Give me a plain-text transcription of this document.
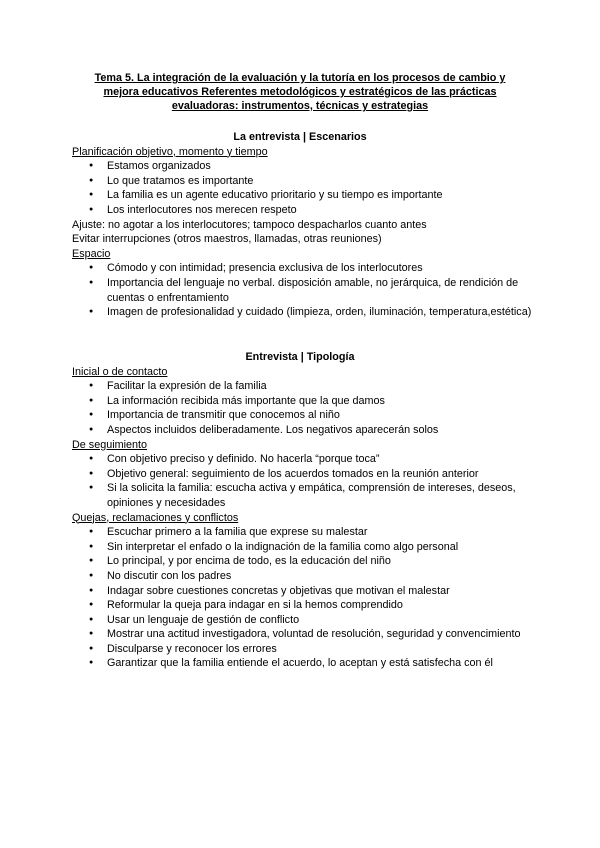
Tema 5. La integración de la evaluación y la tutoría en los procesos de cambio y
mejora educativos Referentes metodológicos y estratégicos de las prácticas
evaluadoras: instrumentos, técnicas y estrategias
La entrevista | Escenarios
Planificación objetivo, momento y tiempo
● Estamos organizados
● Lo que tratamos es importante
● La familia es un agente educativo prioritario y su tiempo es importante
● Los interlocutores nos merecen respeto
Ajuste: no agotar a los interlocutores; tampoco despacharlos cuanto antes
Evitar interrupciones (otros maestros, llamadas, otras reuniones)
Espacio
● Cómodo y con intimidad; presencia exclusiva de los interlocutores
● Importancia del lenguaje no verbal. disposición amable, no jerárquica, de rendición de cuentas o enfrentamiento
● Imagen de profesionalidad y cuidado (limpieza, orden, iluminación, temperatura,estética)
Entrevista | Tipología
Inicial o de contacto
● Facilitar la expresión de la familia
● La información recibida más importante que la que damos
● Importancia de transmitir que conocemos al niño
● Aspectos incluidos deliberadamente. Los negativos aparecerán solos
De seguimiento
● Con objetivo preciso y definido. No hacerla “porque toca”
● Objetivo general: seguimiento de los acuerdos tomados en la reunión anterior
● Si la solicita la familia: escucha activa y empática, comprensión de intereses, deseos, opiniones y necesidades
Quejas, reclamaciones y conflictos
● Escuchar primero a la familia que exprese su malestar
● Sin interpretar el enfado o la indignación de la familia como algo personal
● Lo principal, y por encima de todo, es la educación del niño
● No discutir con los padres
● Indagar sobre cuestiones concretas y objetivas que motivan el malestar
● Reformular la queja para indagar en si la hemos comprendido
● Usar un lenguaje de gestión de conflicto
● Mostrar una actitud investigadora, voluntad de resolución, seguridad y convencimiento
● Disculparse y reconocer los errores
● Garantizar que la familia entiende el acuerdo, lo aceptan y está satisfecha con él
